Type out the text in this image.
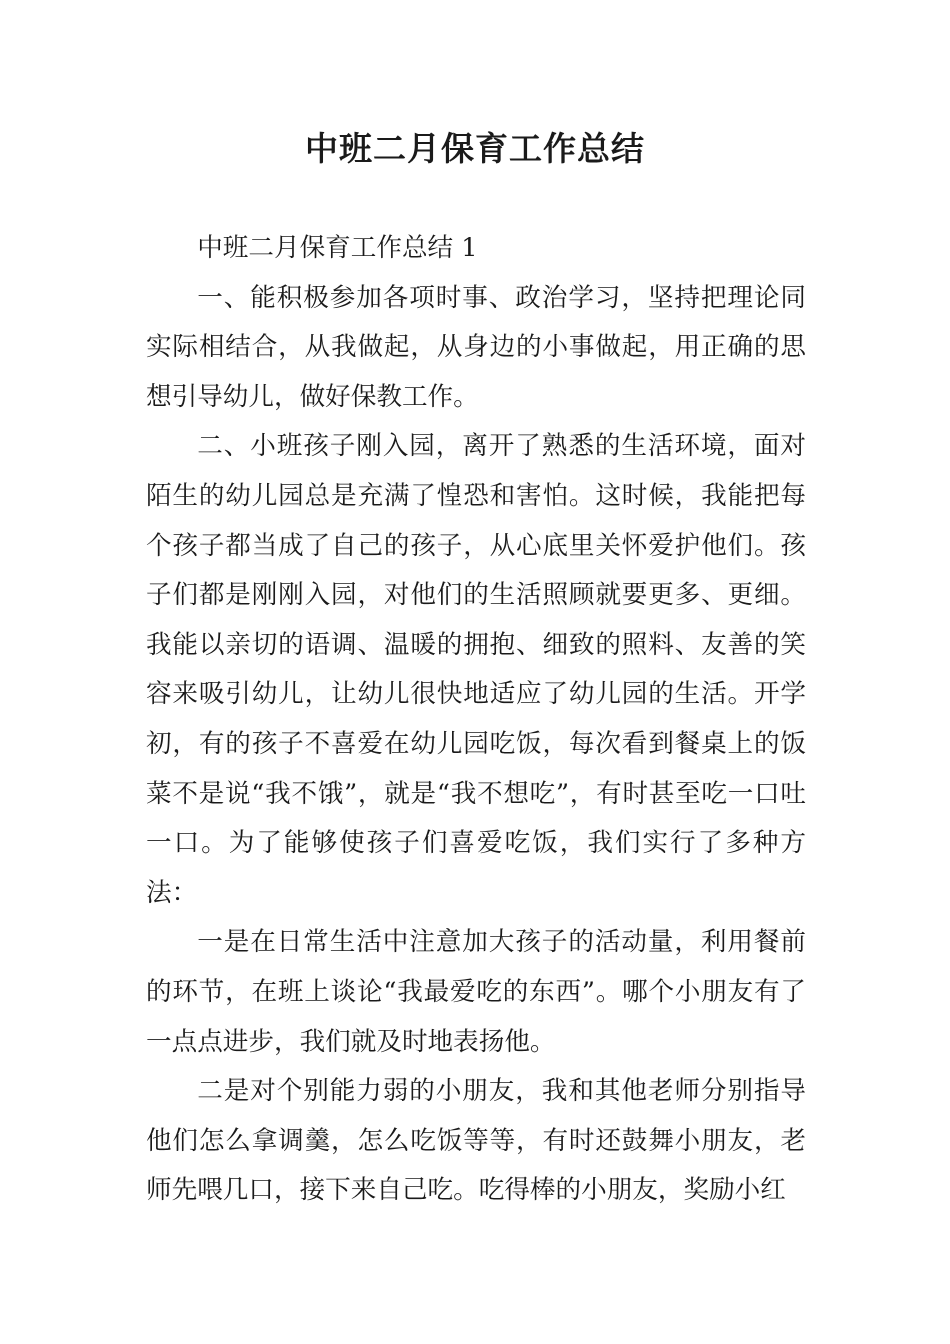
中班二月保育工作总结

中班二月保育工作总结 1

一、能积极参加各项时事、政治学习，坚持把理论同实际相结合，从我做起，从身边的小事做起，用正确的思想引导幼儿，做好保教工作。

二、小班孩子刚入园，离开了熟悉的生活环境，面对陌生的幼儿园总是充满了惶恐和害怕。这时候，我能把每个孩子都当成了自己的孩子，从心底里关怀爱护他们。孩子们都是刚刚入园，对他们的生活照顾就要更多、更细。我能以亲切的语调、温暖的拥抱、细致的照料、友善的笑容来吸引幼儿，让幼儿很快地适应了幼儿园的生活。开学初，有的孩子不喜爱在幼儿园吃饭，每次看到餐桌上的饭菜不是说“我不饿”，就是“我不想吃”，有时甚至吃一口吐一口。为了能够使孩子们喜爱吃饭，我们实行了多种方法：

一是在日常生活中注意加大孩子的活动量，利用餐前的环节，在班上谈论“我最爱吃的东西”。哪个小朋友有了一点点进步，我们就及时地表扬他。

二是对个别能力弱的小朋友，我和其他老师分别指导他们怎么拿调羹，怎么吃饭等等，有时还鼓舞小朋友，老师先喂几口，接下来自己吃。吃得棒的小朋友，奖励小红
